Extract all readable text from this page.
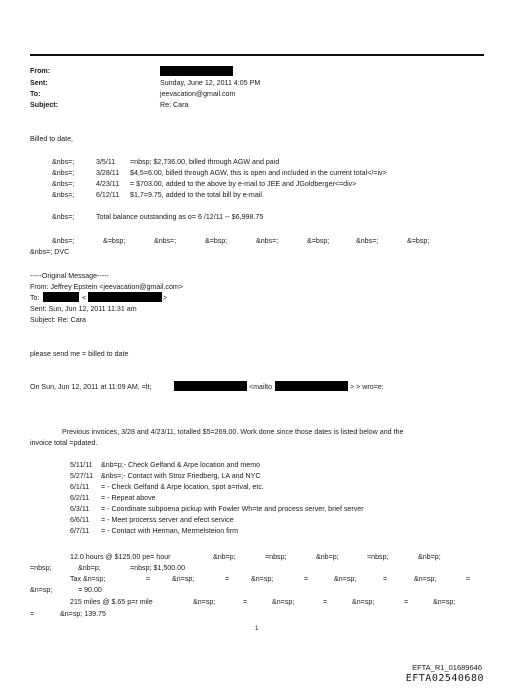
From:
Sent:	Sunday, June 12, 2011 4:05 PM
To:	jeevacation@gmail.com
Subject:	Re: Cara
Billed to date,
&nbs=;	3/5/11 =nbsp; $2,736.00, billed through AGW and paid
&nbs=;	3/28/11 $4,5=6.00, billed through AGW, this is open and included in the current total</=iv>
&nbs=;	4/23/11 = $703.00, added to the above by e-mail to JEE and JGoldberger<=div>
&nbs=;	6/12/11 $1,7=9.75, added to the total bill by e-mail.
&nbs=;	Total balance outstanding as o= 6 /12/11 -- $6,998.75
&nbs=;	&=bsp;	&nbs=;	&=bsp;	&nbs=;	&=bsp;	&nbs=;	&=bsp;
&nbs=; DVC
-----Original Message-----
From: Jeffrey Epstein <jeevacation@gmail.com>
To:	<	>
Sent: Sun, Jun 12, 2011 11:31 am
Subject: Re: Cara
please send me = billed to date
On Sun, Jun 12, 2011 at 11:09 AM, =lt;	<mailto	> > wro=e:
Previous invoices, 3/28 and 4/23/11, totalled $5=269.00. Work done since those dates is listed below and the
invoice total =pdated.
5/11/11 &nb=p;- Check Gelfand & Arpe location and memo
5/27/11 &nbs=;- Contact with Stroz Friedberg, LA and NYC
6/1/11 = - Check Gelfand & Arpe location, spot a=rival, etc.
6/2/11 = - Repeat above
6/3/11 = - Coordinate subpoena pickup with Fowler Wh=te and process server, brief server
6/6/11 = - Meet procerss server and efect service
6/7/11 = - Contact with Herman, Mermelsteion firm
12.0 hours @ $125.00 pe= hour	&nb=p;	=nbsp;	&nb=p;	=nbsp;	&nb=p;
=nbsp;	&nb=p;	=nbsp; $1,500.00
Tax &n=sp;	=	&n=sp;	=	&n=sp;	=	&n=sp;	=	&n=sp;	=
&n=sp;	= 90.00
215 miles @ $.65 p=r mile	&n=sp;	=	&n=sp;	=	&n=sp;	=	&n=sp;
=	&n=sp; 139.75
1
EFTA_R1_01689646
EFTA02540680
